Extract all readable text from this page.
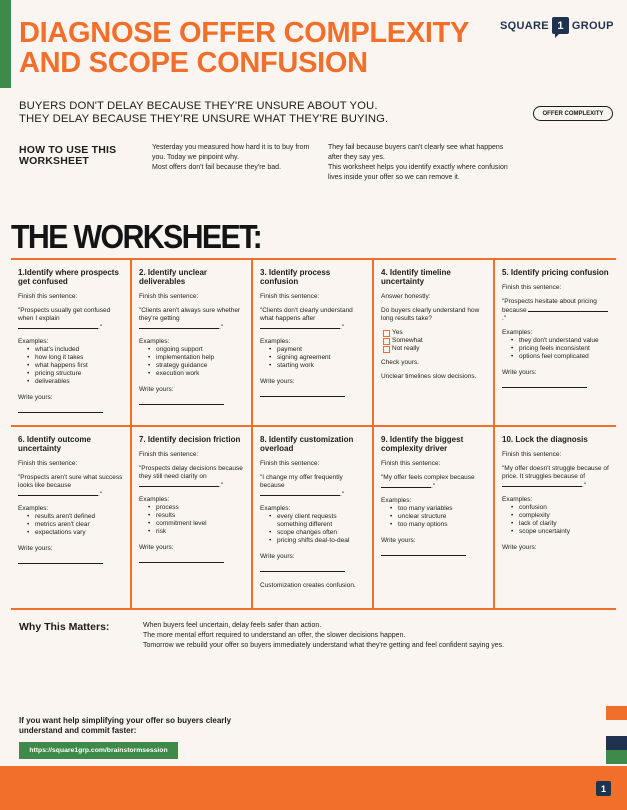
DIAGNOSE OFFER COMPLEXITY
AND SCOPE CONFUSION
SQUARE 1 GROUP
BUYERS DON'T DELAY BECAUSE THEY'RE UNSURE ABOUT YOU.
THEY DELAY BECAUSE THEY'RE UNSURE WHAT THEY'RE BUYING.	OFFER COMPLEXITY
HOW TO USE THIS
WORKSHEET
Yesterday you measured how hard it is to buy from you. Today we pinpoint why.
Most offers don't fail because they're bad.
They fail because buyers can't clearly see what happens after they say yes.
This worksheet helps you identify exactly where confusion lives inside your offer so we can remove it.
THE WORKSHEET:
1.Identify where prospects get confused

Finish this sentence:

"Prospects usually get confused when I explain ."

Examples:

• what's included
• how long it takes
• what happens first
• pricing structure
• deliverables
Write yours:
2. Identify unclear deliverables

Finish this sentence:

"Clients aren't always sure whether they're getting ."

Examples:

• ongoing support
• implementation help
• strategy guidance
• execution work
Write yours:
3. Identify process confusion

Finish this sentence:

"Clients don't clearly understand what happens after ."

Examples:

• payment
• signing agreement
• starting work
Write yours:
4. Identify timeline uncertainty

Answer honestly:

Do buyers clearly understand how long results take?

Yes
Somewhat
Not really

Check yours.

Unclear timelines slow decisions.

5. Identify pricing confusion

Finish this sentence:

"Prospects hesitate about pricing because ."

Examples:

• they don't understand value
• pricing feels inconsistent
• options feel complicated
Write yours:
6. Identify outcome uncertainty

Finish this sentence:

"Prospects aren't sure what success looks like because ."

Examples:

• results aren't defined
• metrics aren't clear
• expectations vary
Write yours:
7. Identify decision friction

Finish this sentence:

"Prospects delay decisions because they still need clarity on ."

Examples:

• process
• results
• commitment level
• risk
Write yours:
8. Identify customization overload

Finish this sentence:

"I change my offer frequently because ."

Examples:

• every client requests something different
• scope changes often
• pricing shifts deal-to-deal
Write yours:

Customization creates confusion.

9. Identify the biggest complexity driver

Finish this sentence:

"My offer feels complex because ."

Examples:

• too many variables
• unclear structure
• too many options
Write yours:
10. Lock the diagnosis

Finish this sentence:

"My offer doesn't struggle because of price. It struggles because of ."

Examples:

• confusion
• complexity
• lack of clarity
• scope uncertainty
Write yours:
Why This Matters:	When buyers feel uncertain, delay feels safer than action.
The more mental effort required to understand an offer, the slower decisions happen.
Tomorrow we rebuild your offer so buyers immediately understand what they're getting and feel confident saying yes.
If you want help simplifying your offer so buyers clearly understand and commit faster:
https://square1grp.com/brainstormsession
1
